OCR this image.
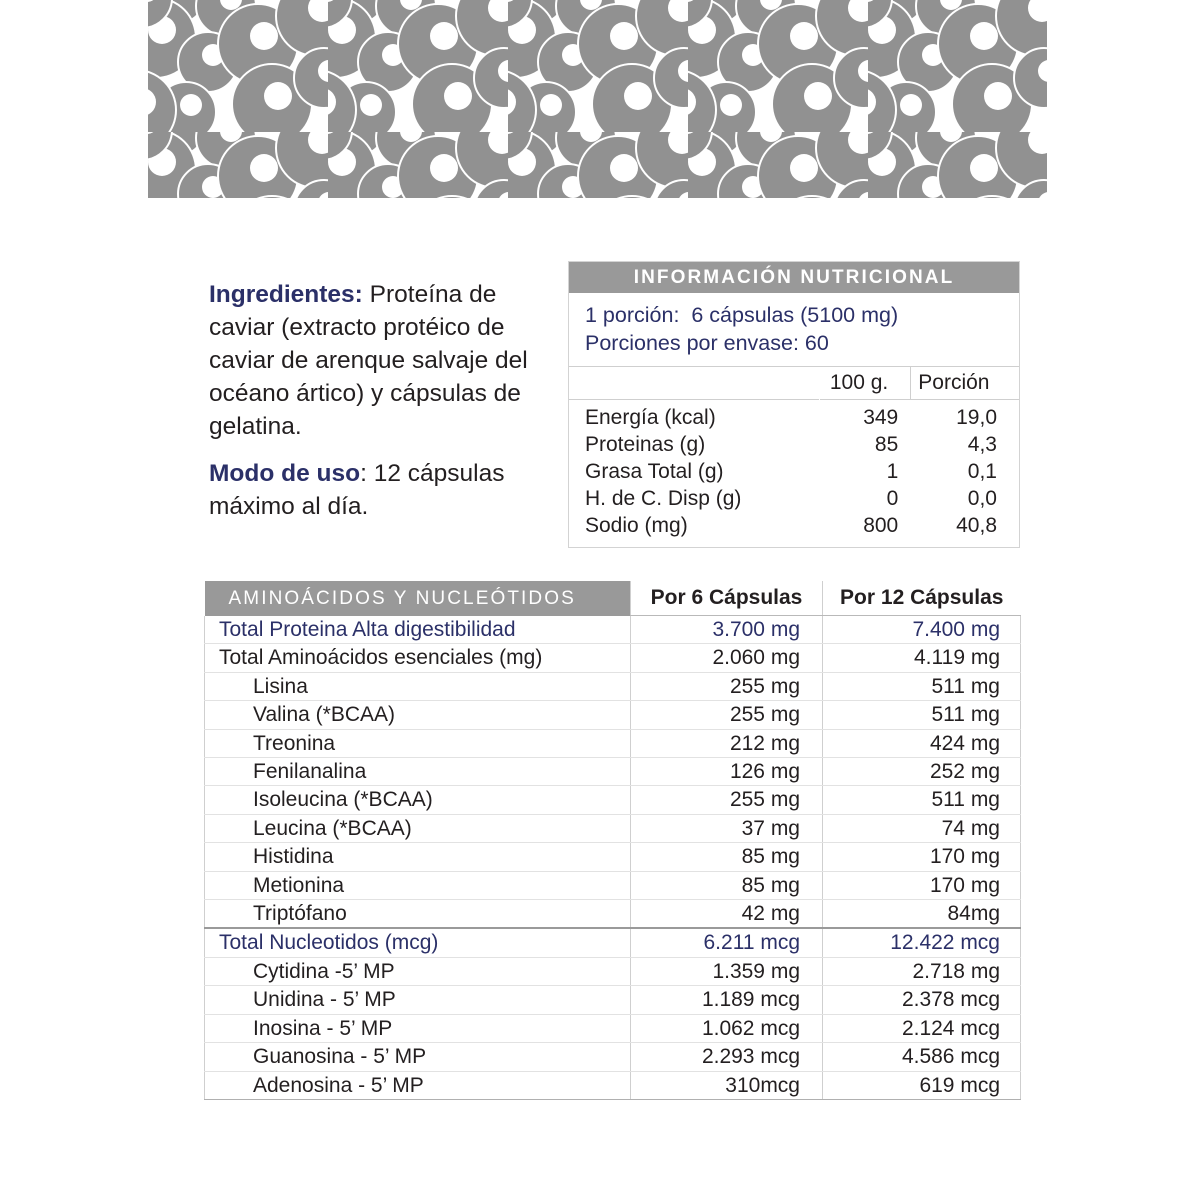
Ingredientes: Proteína de caviar (extracto protéico de caviar de arenque salvaje del océano ártico) y cápsulas de gelatina.

Modo de uso: 12 cápsulas máximo al día.

INFORMACIÓN NUTRICIONAL
1 porción:  6 cápsulas (5100 mg)
Porciones por envase: 60
	100 g.	Porción
Energía (kcal)	349	19,0
Proteinas (g)	85	4,3
Grasa Total (g)	1	0,1
H. de C. Disp (g)	0	0,0
Sodio (mg)	800	40,8
AMINOÁCIDOS Y NUCLEÓTIDOS	Por 6 Cápsulas	Por 12 Cápsulas
Total Proteina Alta digestibilidad	3.700 mg	7.400 mg
Total Aminoácidos esenciales (mg)	2.060 mg	4.119 mg
Lisina	255 mg	511 mg
Valina (*BCAA)	255 mg	511 mg
Treonina	212 mg	424 mg
Fenilanalina	126 mg	252 mg
Isoleucina (*BCAA)	255 mg	511 mg
Leucina (*BCAA)	37 mg	74 mg
Histidina	85 mg	170 mg
Metionina	85 mg	170 mg
Triptófano	42 mg	84mg
Total Nucleotidos (mcg)	6.211 mcg	12.422 mcg
Cytidina -5’ MP	1.359 mg	2.718 mg
Unidina - 5’ MP	1.189 mcg	2.378 mcg
Inosina - 5’ MP	1.062 mcg	2.124 mcg
Guanosina - 5’ MP	2.293 mcg	4.586 mcg
Adenosina - 5’ MP	310mcg	619 mcg
